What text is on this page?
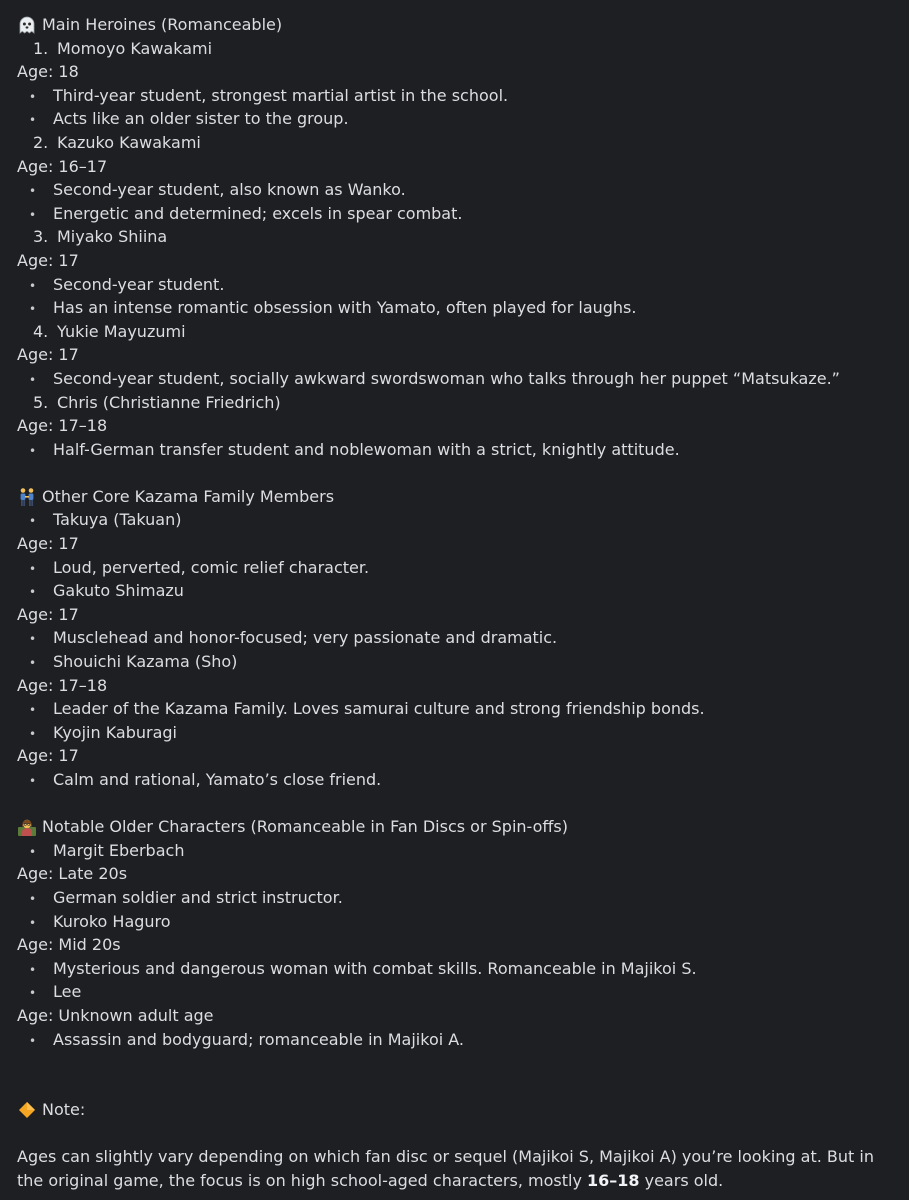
Main Heroines (Romanceable)
1. Momoyo Kawakami
Age: 18
• Third-year student, strongest martial artist in the school.
• Acts like an older sister to the group.
2. Kazuko Kawakami
Age: 16–17
• Second-year student, also known as Wanko.
• Energetic and determined; excels in spear combat.
3. Miyako Shiina
Age: 17
• Second-year student.
• Has an intense romantic obsession with Yamato, often played for laughs.
4. Yukie Mayuzumi
Age: 17
• Second-year student, socially awkward swordswoman who talks through her puppet “Matsukaze.”
5. Chris (Christianne Friedrich)
Age: 17–18
• Half-German transfer student and noblewoman with a strict, knightly attitude.
Other Core Kazama Family Members
• Takuya (Takuan)
Age: 17
• Loud, perverted, comic relief character.
• Gakuto Shimazu
Age: 17
• Musclehead and honor-focused; very passionate and dramatic.
• Shouichi Kazama (Sho)
Age: 17–18
• Leader of the Kazama Family. Loves samurai culture and strong friendship bonds.
• Kyojin Kaburagi
Age: 17
• Calm and rational, Yamato’s close friend.
Notable Older Characters (Romanceable in Fan Discs or Spin-offs)
• Margit Eberbach
Age: Late 20s
• German soldier and strict instructor.
• Kuroko Haguro
Age: Mid 20s
• Mysterious and dangerous woman with combat skills. Romanceable in Majikoi S.
• Lee
Age: Unknown adult age
• Assassin and bodyguard; romanceable in Majikoi A.
Note:
Ages can slightly vary depending on which fan disc or sequel (Majikoi S, Majikoi A) you’re looking at. But in the original game, the focus is on high school-aged characters, mostly 16–18 years old.
